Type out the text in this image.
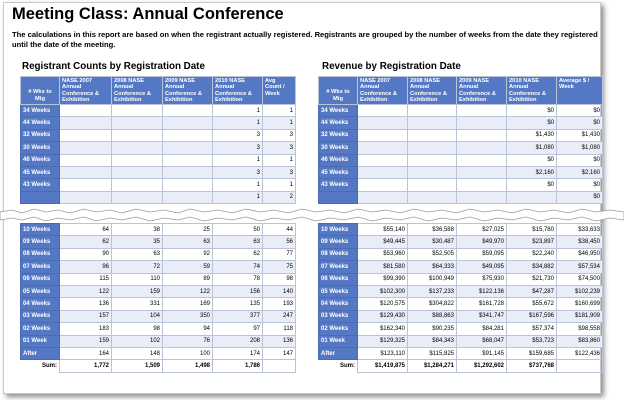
Meeting Class: Annual Conference
The calculations in this report are based on when the registrant actually registered. Registrants are grouped by the number of weeks from the date they registered until the date of the meeting.
Registrant Counts by Registration Date	Revenue by Registration Date
# Wks to Mtg	NASE 2007 Annual Conference & Exhibition	2008 NASE Annual Conference & Exhibition	2009 NASE Annual Conference & Exhibition	2010 NASE Annual Conference & Exhibition	Avg Count / Week
34 Weeks				1	1
44 Weeks				1	1
32 Weeks				3	3
30 Weeks				3	3
46 Weeks				1	1
45 Weeks				3	3
43 Weeks				1	1
				1	2
10 Weeks	64	38	25	50	44
09 Weeks	62	35	63	63	56
08 Weeks	90	63	92	62	77
07 Weeks	96	72	59	74	75
06 Weeks	115	110	89	78	98
05 Weeks	122	159	122	156	140
04 Weeks	136	331	169	135	193
03 Weeks	157	104	350	377	247
02 Weeks	183	98	94	97	118
01 Week	159	102	76	208	136
After	164	148	100	174	147
Sum:	1,772	1,509	1,498	1,786	
# Wks to Mtg	NASE 2007 Annual Conference & Exhibition	2008 NASE Annual Conference & Exhibition	2009 NASE Annual Conference & Exhibition	2010 NASE Annual Conference & Exhibition	Average $ / Week
34 Weeks				$0	$0
44 Weeks				$0	$0
32 Weeks				$1,430	$1,430
30 Weeks				$1,080	$1,080
46 Weeks				$0	$0
45 Weeks				$2,160	$2,160
43 Weeks				$0	$0
					$0
10 Weeks	$55,140	$36,588	$27,025	$15,780	$33,633
09 Weeks	$49,445	$30,487	$49,970	$23,897	$38,450
08 Weeks	$53,960	$52,505	$59,095	$22,240	$46,950
07 Weeks	$81,580	$64,333	$49,095	$34,882	$57,534
06 Weeks	$99,390	$100,949	$75,930	$21,730	$74,500
05 Weeks	$102,300	$137,233	$122,136	$47,287	$102,239
04 Weeks	$120,575	$304,822	$161,728	$55,672	$160,699
03 Weeks	$129,430	$88,863	$341,747	$167,596	$181,909
02 Weeks	$162,340	$90,235	$84,281	$57,374	$98,558
01 Week	$129,325	$84,343	$68,047	$53,723	$83,860
After	$123,110	$115,825	$91,145	$159,685	$122,436
Sum:	$1,419,875	$1,284,271	$1,292,602	$737,768	
